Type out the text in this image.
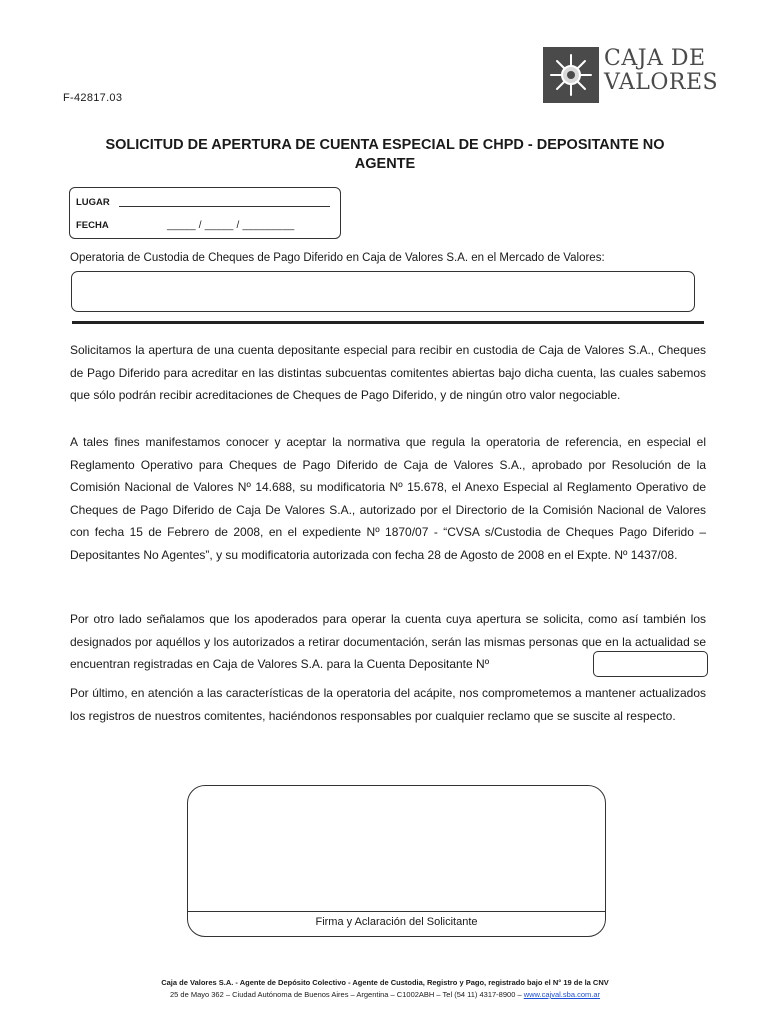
CAJA DE
VALORES
F-42817.03
SOLICITUD DE APERTURA DE CUENTA ESPECIAL DE CHPD - DEPOSITANTE NO
AGENTE
LUGAR
FECHA	_____ / _____ / _________
Operatoria de Custodia de Cheques de Pago Diferido en Caja de Valores S.A. en el Mercado de Valores:
Solicitamos la apertura de una cuenta depositante especial para recibir en custodia de Caja de Valores S.A., Cheques de Pago Diferido para acreditar en las distintas subcuentas comitentes abiertas bajo dicha cuenta, las cuales sabemos que sólo podrán recibir acreditaciones de Cheques de Pago Diferido, y de ningún otro valor negociable.
A tales fines manifestamos conocer y aceptar la normativa que regula la operatoria de referencia, en especial el Reglamento Operativo para Cheques de Pago Diferido de Caja de Valores S.A., aprobado por Resolución de la Comisión Nacional de Valores Nº 14.688, su modificatoria Nº 15.678, el Anexo Especial al Reglamento Operativo de Cheques de Pago Diferido de Caja De Valores S.A., autorizado por el Directorio de la Comisión Nacional de Valores con fecha 15 de Febrero de 2008, en el expediente Nº 1870/07 - “CVSA s/Custodia de Cheques Pago Diferido – Depositantes No Agentes”, y su modificatoria autorizada con fecha 28 de Agosto de 2008 en el Expte. Nº 1437/08.
Por otro lado señalamos que los apoderados para operar la cuenta cuya apertura se solicita, como así también los designados por aquéllos y los autorizados a retirar documentación, serán las mismas personas que en la actualidad se encuentran registradas en Caja de Valores S.A. para la Cuenta Depositante Nº
Por último, en atención a las características de la operatoria del acápite, nos comprometemos a mantener actualizados los registros de nuestros comitentes, haciéndonos responsables por cualquier reclamo que se suscite al respecto.
Firma y Aclaración del Solicitante
Caja de Valores S.A. - Agente de Depósito Colectivo - Agente de Custodia, Registro y Pago, registrado bajo el N° 19 de la CNV
25 de Mayo 362 – Ciudad Autónoma de Buenos Aires – Argentina – C1002ABH – Tel (54 11) 4317-8900 – www.cajval.sba.com.ar
